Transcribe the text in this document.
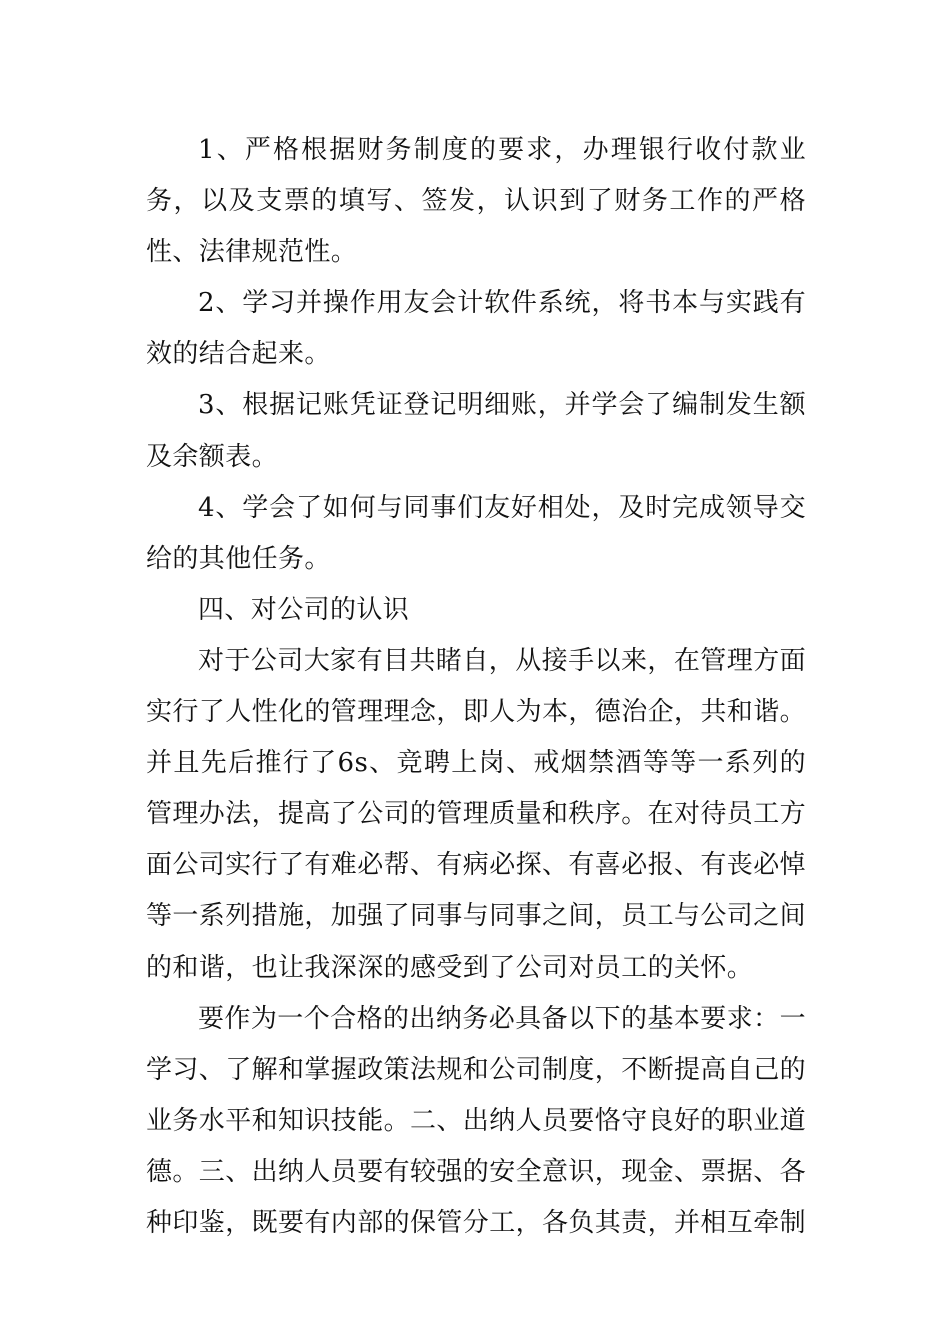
1、严格根据财务制度的要求，办理银行收付款业务，以及支票的填写、签发，认识到了财务工作的严格性、法律规范性。

2、学习并操作用友会计软件系统，将书本与实践有效的结合起来。

3、根据记账凭证登记明细账，并学会了编制发生额及余额表。

4、学会了如何与同事们友好相处，及时完成领导交给的其他任务。

四、对公司的认识

对于公司大家有目共睹自，从接手以来，在管理方面实行了人性化的管理理念，即人为本，德治企，共和谐。并且先后推行了6s、竞聘上岗、戒烟禁酒等等一系列的管理办法，提高了公司的管理质量和秩序。在对待员工方面公司实行了有难必帮、有病必探、有喜必报、有丧必悼等一系列措施，加强了同事与同事之间，员工与公司之间的和谐，也让我深深的感受到了公司对员工的关怀。

要作为一个合格的出纳务必具备以下的基本要求：一学习、了解和掌握政策法规和公司制度，不断提高自己的业务水平和知识技能。二、出纳人员要恪守良好的职业道德。三、出纳人员要有较强的安全意识，现金、票据、各种印鉴，既要有内部的保管分工，各负其责，并相互牵制
